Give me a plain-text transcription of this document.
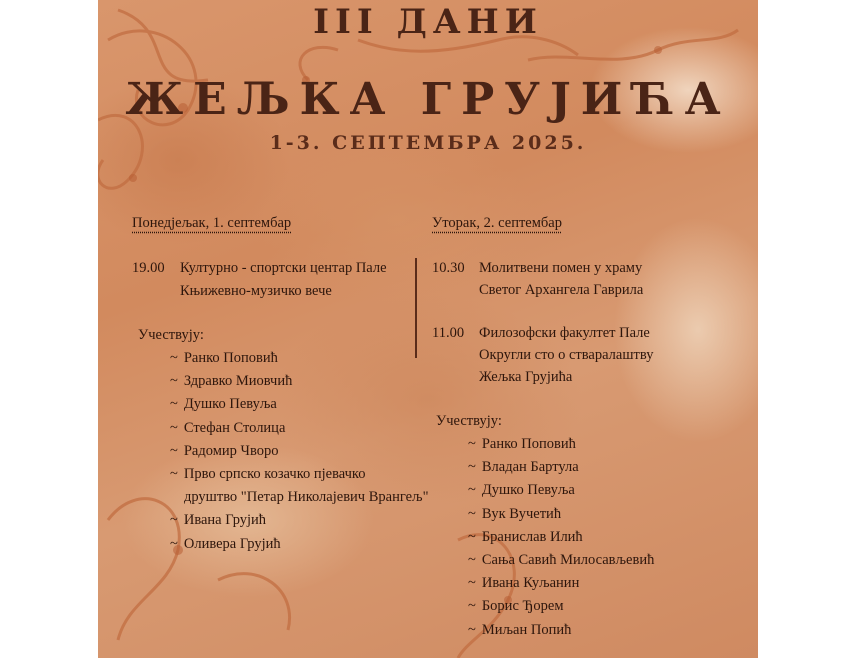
III ДАНИ
ЖЕЉКА ГРУЈИЋА
1-3. СЕПТЕМБРА 2025.
Понедјељак, 1. септембар
19.00 Културно - спортски центар Пале
Књижевно-музичко вече
Учествују:
~ Ранко Поповић
~ Здравко Миовчић
~ Душко Певуља
~ Стефан Столица
~ Радомир Чворо
~ Прво српско козачко пјевачко
друштво "Петар Николајевич Врангељ"
~ Ивана Грујић
~ Оливера Грујић
Уторак, 2. септембар
10.30 Молитвени помен у храму
Светог Архангела Гаврила
11.00 Филозофски факултет Пале
Округли сто о стваралаштву
Жељка Грујића
Учествују:
~ Ранко Поповић
~ Владан Бартула
~ Душко Певуља
~ Вук Вучетић
~ Бранислав Илић
~ Сања Савић Милосављевић
~ Ивана Куљанин
~ Борис Ђорем
~ Миљан Попић
